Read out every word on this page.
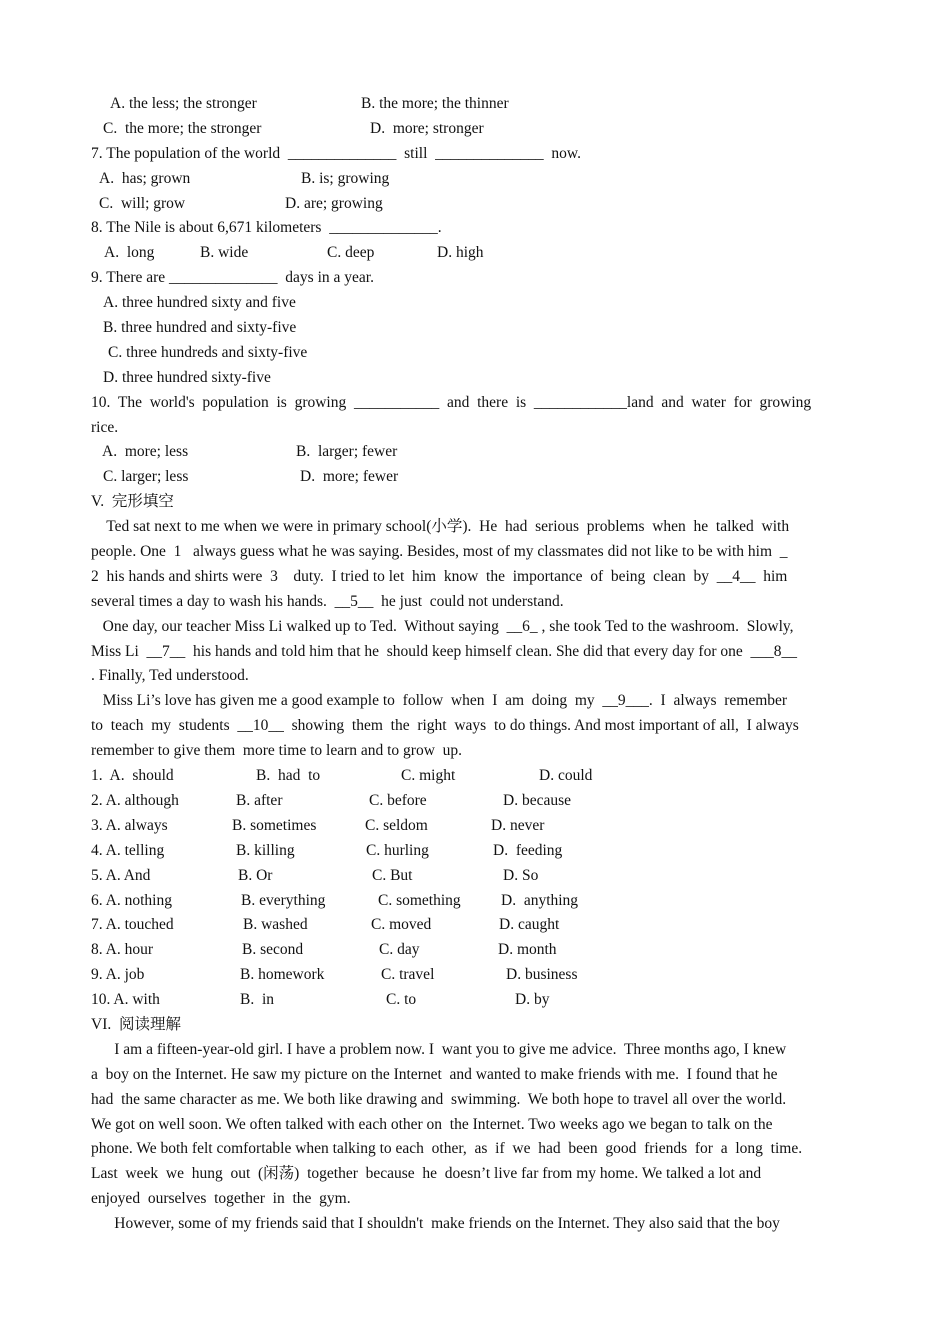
A. the less; the stronger	B. the more; the thinner
C.  the more; the stronger	D.  more; stronger
7. The population of the world  ______________  still  ______________  now.
A.  has; grown	B. is; growing
C.  will; grow	D. are; growing
8. The Nile is about 6,671 kilometers  ______________.
A.  long	B. wide	C. deep	D. high
9. There are ______________  days in a year.
A. three hundred sixty and five
B. three hundred and sixty-five
C. three hundreds and sixty-five
D. three hundred sixty-five
10.  The  world's  population  is  growing  ___________  and  there  is  ____________land  and  water  for  growing
rice.
A.  more; less	B.  larger; fewer
C. larger; less	D.  more; fewer
V.  完形填空
Ted sat next to me when we were in primary school(小学).  He  had  serious  problems  when  he  talked  with
people. One  1   always guess what he was saying. Besides, most of my classmates did not like to be with him  _
2  his hands and shirts were  3    duty.  I tried to let  him  know  the  importance  of  being  clean  by  __4__  him
several times a day to wash his hands.  __5__  he just  could not understand.
One day, our teacher Miss Li walked up to Ted.  Without saying  __6_ , she took Ted to the washroom.  Slowly,
Miss Li  __7__  his hands and told him that he  should keep himself clean. She did that every day for one  ___8__
. Finally, Ted understood.
Miss Li’s love has given me a good example to  follow  when  I  am  doing  my  __9___.  I  always  remember
to  teach  my  students  __10__  showing  them  the  right  ways  to do things. And most important of all,  I always
remember to give them  more time to learn and to grow  up.
1.  A.  should	B.  had  to	C. might	D. could
2. A. although	B. after	C. before	D. because
3. A. always	B. sometimes	C. seldom	D. never
4. A. telling	B. killing	C. hurling	D.  feeding
5. A. And	B. Or	C. But	D. So
6. A. nothing	B. everything	C. something	D.  anything
7. A. touched	B. washed	C. moved	D. caught
8. A. hour	B. second	C. day	D. month
9. A. job	B. homework	C. travel	D. business
10. A. with	B.  in	C. to	D. by
VI.  阅读理解
I am a fifteen-year-old girl. I have a problem now. I  want you to give me advice.  Three months ago, I knew
a  boy on the Internet. He saw my picture on the Internet  and wanted to make friends with me.  I found that he
had  the same character as me. We both like drawing and  swimming.  We both hope to travel all over the world.
We got on well soon. We often talked with each other on  the Internet. Two weeks ago we began to talk on the
phone. We both felt comfortable when talking to each  other,  as  if  we  had  been  good  friends  for  a  long  time.
Last  week  we  hung  out  (闲荡)  together  because  he  doesn’t live far from my home. We talked a lot and
enjoyed  ourselves  together  in  the  gym.
However, some of my friends said that I shouldn't  make friends on the Internet. They also said that the boy
